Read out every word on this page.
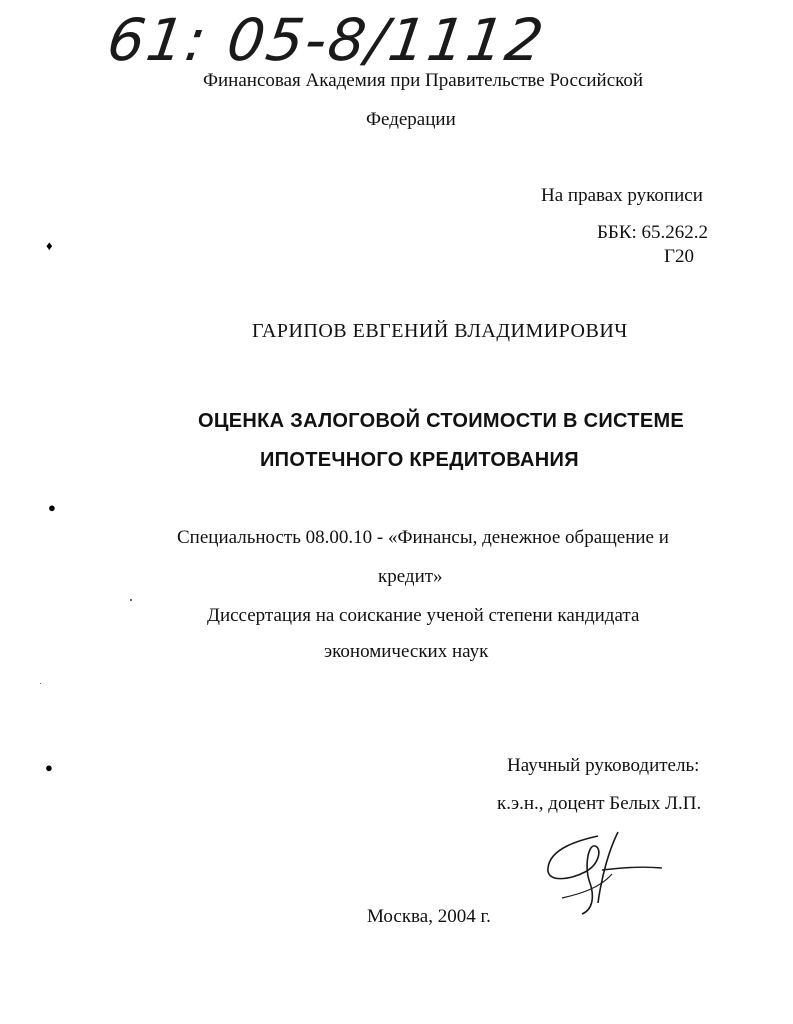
61: 05-8/1112
Финансовая Академия при Правительстве Российской
Федерации
На правах рукописи
ББК: 65.262.2
Г20
ГАРИПОВ ЕВГЕНИЙ ВЛАДИМИРОВИЧ
ОЦЕНКА ЗАЛОГОВОЙ СТОИМОСТИ В СИСТЕМЕ
ИПОТЕЧНОГО КРЕДИТОВАНИЯ
Специальность 08.00.10 - «Финансы, денежное обращение и
кредит»
Диссертация на соискание ученой степени кандидата
экономических наук
Научный руководитель:
к.э.н., доцент Белых Л.П.
Москва, 2004 г.
♦
●
●
